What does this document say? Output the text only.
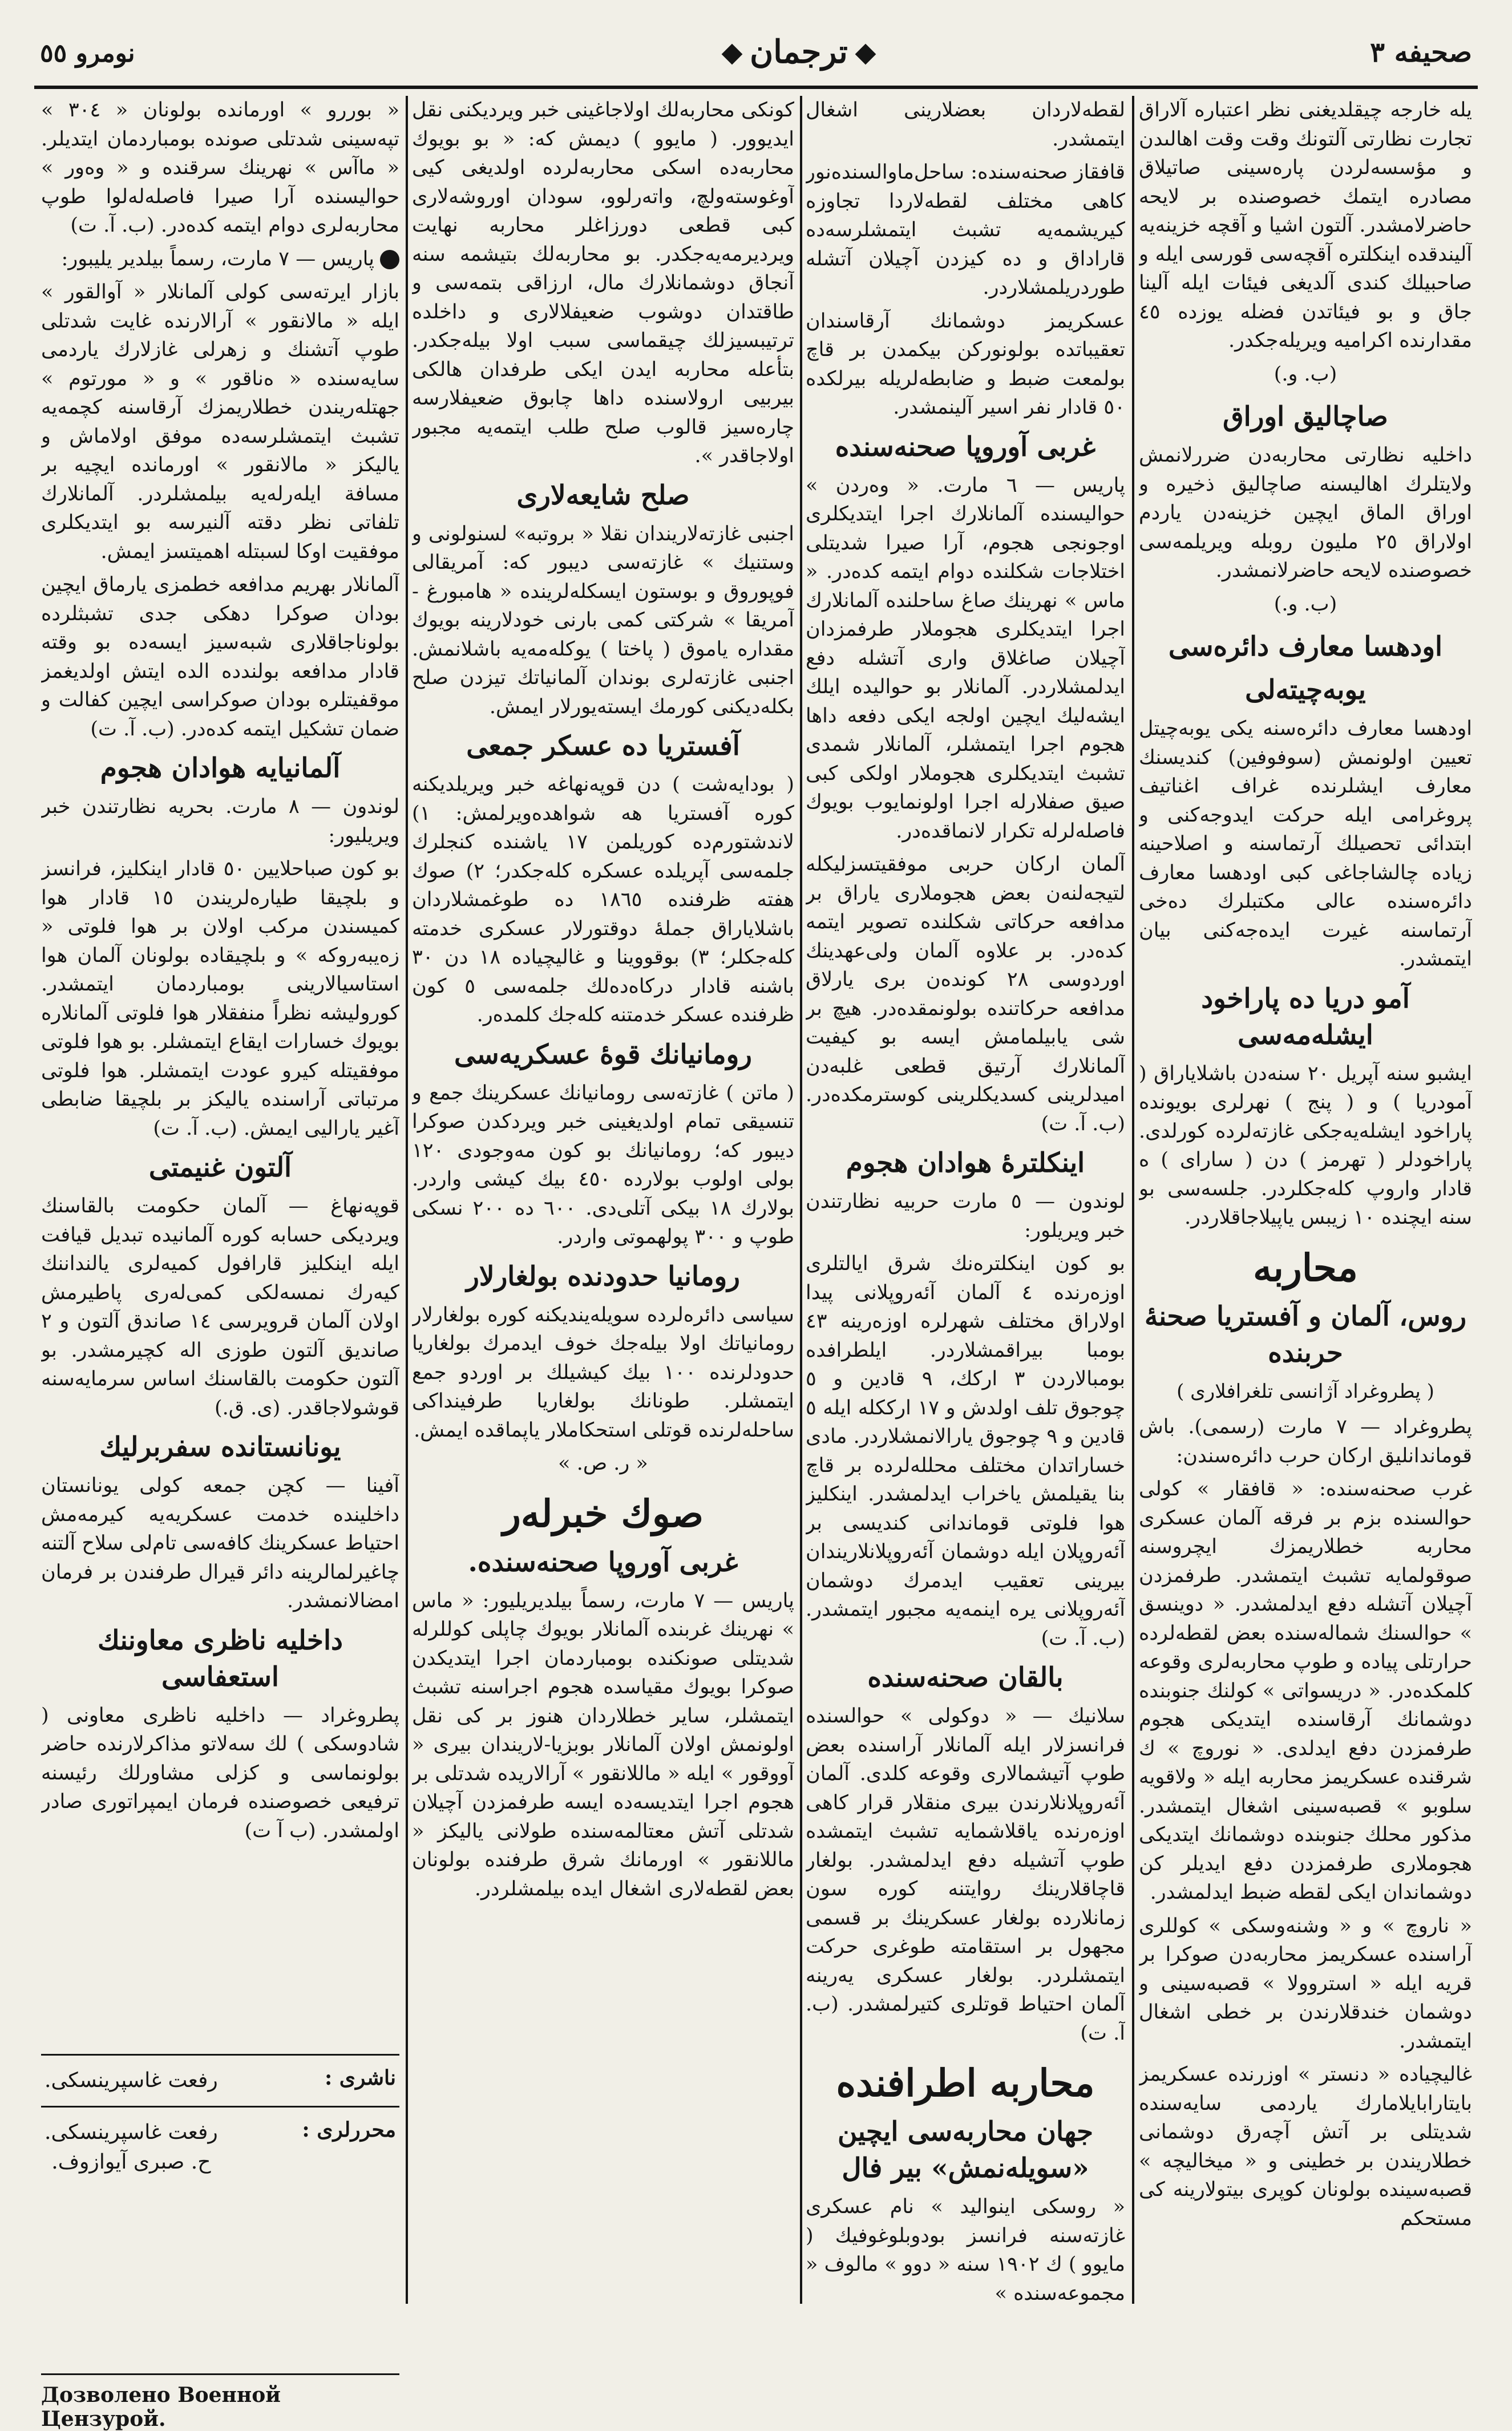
نومرو ٥٥	ترجمان	صحيفه ٣

يله خارجه چيقلديغنى نظر اعتباره آلاراق تجارت نظارتى آلتونك وقت وقت اهالىدن و مؤسسه‌لردن پاره‌سينى صاتيلاق مصادره ايتمك خصوصنده بر لايحه حاضرلامشدر. آلتون اشيا و آقچه خزينه‌يه آليندقده اينكلتره آقچه‌سى قورسى ايله و صاحبيلك كندى آلديغى فيئات ايله آلينا جاق و بو فيئاتدن فضله يوزده ٤٥ مقدارنده اكراميه ويريله‌جكدر.

(ب. و.)
صاچاليق اوراق

داخليه نظارتى محاربه‌دن ضررلانمش ولايتلرك اهاليسنه صاچاليق ذخيره و اوراق الماق ايچين خزينه‌دن ياردم اولاراق ٢٥ مليون روبله ويريلمه‌سى خصوصنده لايحه حاضرلانمشدر.

(ب. و.)
اودهسا معارف دائره‌سى
يوبه‌چيته‌لى

اودهسا معارف دائره‌سنه يكى يوبه‌چيتل تعيين اولونمش (سوفوفين) كنديسنك معارف ايشلرنده غراف اغناتيف پروغرامى ايله حركت ايدوجه‌كنى و ابتدائى تحصيلك آرتماسنه و اصلاحينه زياده چالشاجاغى كبى اودهسا معارف دائره‌سنده عالى مكتبلرك ده‌خى آرتماسنه غيرت ايده‌جه‌كنى بيان ايتمشدر.

آمو دريا ده پاراخود ايشله‌مه‌سى

ايشبو سنه آپريل ٢٠ سنه‌دن باشلاياراق ( آمودريا ) و ( پنج ) نهرلرى بويونده پاراخود ايشله‌يه‌جكى غازته‌لرده كورلدى. پاراخودلر ( تهرمز ) دن ( ساراى ) ه قادار واروپ كله‌جكلردر. جلسه‌سى بو سنه ايچنده ١٠ زيبس ياپيلاجاقلاردر.

محاربه
روس، آلمان و آفستريا صحنهٔ حربنده
( پطروغراد آژانسى تلغرافلارى )

پطروغراد — ٧ مارت (رسمى). باش قوماندانليق اركان حرب دائره‌سندن:

غرب صحنه‌سنده: « قافقار » كولى حوالسنده بزم بر فرقه آلمان عسكرى محاربه خطلاريمزك ايچروسنه صوقولمايه تشبث ايتمشدر. طرفمزدن آچيلان آتشله دفع ايدلمشدر. « دوينسق » حوالسنك شماله‌سنده بعض لقطه‌لرده حرارتلى پياده و طوپ محاربه‌لرى وقوعه كلمكده‌در. « دريسواتى » كولنك جنوبنده دوشمانك آرقاسنده ايتديكى هجوم طرفمزدن دفع ايدلدى. « نوروچ » ك شرقنده عسكريمز محاربه ايله « ولاقويه سلوبو » قصبه‌سينى اشغال ايتمشدر. مذكور محلك جنوبنده دوشمانك ايتديكى هجوملارى طرفمزدن دفع ايديلر كن دوشماندان ايكى لقطه ضبط ايدلمشدر.

« ناروچ » و « وشنه‌وسكى » كوللرى آراسنده عسكريمز محاربه‌دن صوكرا بر قريه ايله « استروولا » قصبه‌سينى و دوشمان خندقلارندن بر خطى اشغال ايتمشدر.

غاليچياده « دنستر » اوزرنده عسكريمز بايتارابايلامارك ياردمى سايه‌سنده شديتلى بر آتش آچه‌رق دوشمانى خطلاريندن بر خطينى و « ميخاليچه » قصبه‌سينده بولونان كوپرى بيتولارينه كى مستحكم

لقطه‌لاردان بعضلارينى اشغال ايتمشدر.

قافقاز صحنه‌سنده: ساحل‌ماوالسنده‌نور كاهى مختلف لقطه‌لاردا تجاوزه كيريشمه‌يه تشبث ايتمشلرسه‌ده قاراداق و ده كيزدن آچيلان آتشله طوردريلمشلاردر.

عسكريمز دوشمانك آرقاسندان تعقيباتده بولونوركن بيكمدن بر قاچ بولمعت ضبط و ضابطه‌لريله بيرلكده ٥٠ قادار نفر اسير آلينمشدر.

غربى آوروپا صحنه‌سنده

پاريس — ٦ مارت. « وه‌ردن » حواليسنده آلمانلارك اجرا ايتديكلرى اوجونجى هجوم، آرا صيرا شديتلى اختلاجات شكلنده دوام ايتمه كده‌در. « ماس » نهرينك صاغ ساحلنده آلمانلارك اجرا ايتديكلرى هجوملار طرفمزدان آچيلان صاغلاق وارى آتشله دفع ايدلمشلاردر. آلمانلار بو حواليده ايلك ايشه‌ليك ايچين اولجه ايكى دفعه داها هجوم اجرا ايتمشلر، آلمانلار شمدى تشبث ايتديكلرى هجوملار اولكى كبى صيق صفلارله اجرا اولونمايوب بويوك فاصله‌لرله تكرار لانماقده‌در.

آلمان اركان حربى موفقيتسزليكله لتيجه‌لنه‌ن بعض هجوملارى ياراق بر مدافعه حركاتى شكلنده تصوير ايتمه كده‌در. بر علاوه آلمان ولى‌عهدينك اوردوسى ٢٨ كونده‌ن برى يارلاق مدافعه حركاتنده بولونمقده‌در. هيچ بر شى يابيلمامش ايسه بو كيفيت آلمانلارك آرتيق قطعى غلبه‌دن اميدلرينى كسديكلرينى كوسترمكده‌در. (ب. آ. ت)

اينكلترهٔ هوادان هجوم

لوندون — ٥ مارت حربيه نظارتندن خبر ويريلور:

بو كون اينكلتره‌نك شرق ايالتلرى اوزه‌رنده ٤ آلمان آئه‌روپلانى پيدا اولاراق مختلف شهرلره اوزه‌رينه ٤٣ بومبا بيرا‌قمشلاردر. ايلطرافده‌ بومبالاردن ٣ اركك، ٩ قادين و ٥ چوجوق تلف اولدش و ١٧ ارككله ايله ٥ قادين و ٩ چوجوق يارالانمشلاردر. مادى خساراتدان مختلف محلله‌لرده بر قاچ بنا يقيلمش ياخراب ايدلمشدر. اينكليز هوا فلوتى قوماندانى كنديسى بر آئه‌روپلان ايله دوشمان آئه‌روپلانلاريندان بيرينى تعقيب ايدمرك دوشمان آئه‌روپلانى يره اينمه‌يه مجبور ايتمشدر. (ب. آ. ت)

بالقان صحنه‌سنده

سلانيك — « دوكولى » حوالسنده فرانسزلار ايله آلمانلار آراسنده بعض طوپ آتيشمالارى وقوعه كلدى. آلمان آئه‌روپلانلارندن بيرى منقلار قرار كاهى اوزه‌رنده ياقلاشمايه تشبث ايتمشده طوپ آتشيله دفع ايدلمشدر. بولغار قاچاقلارينك روايتنه كوره سون زمانلارده بولغار عسكرينك بر قسمى مجهول بر استقامته طوغرى حركت ايتمشلردر. بولغار عسكرى يه‌رينه آلمان احتياط قوتلرى كتيرلمشدر. (ب. آ. ت)

محاربه اطرافنده
جهان محاربه‌سى ايچين «سويله‌نمش» بير فال

« روسكى اينواليد » نام عسكرى غازته‌سنه فرانسز بودوبلوغوفيك ( مايوو ) ك ١٩٠٢ سنه « دوو » مالوف « مجموعه‌سنده »

كونكى محاربه‌لك اولاجاغينى خبر ويرديكنى نقل ايديوور. ( مايوو ) ديمش كه: « بو بويوك محاربه‌ده اسكى محاربه‌لرده اولديغى كيى آوغوسته‌ولچ، واته‌رلوو، سودان اوروشه‌لارى كبى قطعى دورزاغلر محاربه نهايت ويرديرمه‌يه‌جكدر. بو محاربه‌لك بتيشمه سنه آنجاق دوشمانلارك مال، ارزاقى بتمه‌سى و طاقتدان دوشوب ضعيفلالارى و داخلده ترتيبسيزلك چيقماسى سبب اولا بيله‌جكدر. بتأعله محاربه ايدن ايكى طرفدان هالكى بيربيى ارولاسنده داها چابوق ضعيفلارسه چاره‌سيز قالوب صلح طلب ايتمه‌يه مجبور اولاجاقدر ».

صلح شايعه‌لارى

اجنبى غازته‌لاريندان نقلا « بروتبه» لسنولونى و وستنيك » غازته‌سى ديبور كه: آمريقالى فوپوروق و بوستون ايسكله‌لرينده « هامبورغ - آمريقا » شركتى كمى بارنى خودلارينه بويوك مقداره ياموق ( پاختا ) يوكله‌مه‌يه باشلانمش. اجنبى غازته‌لرى بوندان آلمانياتك تيزدن صلح بكله‌ديكنى كورمك ايسته‌يورلار ايمش.

آفستريا ده عسكر جمعى

( بودايه‌شت ) دن قوپه‌نهاغه خبر ويريلديكنه كوره آفستريا هه شواهده‌ويرلمش: ١) لاندشتورم‌ده كوريلمن ١٧ ياشنده كنجلرك جلمه‌سى آپريلده عسكره كله‌جكدر؛ ٢) صوك هفته ظرفنده ١٨٦٥ ده طوغمشلاردان باشلاياراق جملهٔ دوقتورلار عسكرى خدمته كله‌جكلر؛ ٣) بوقووينا و غاليچياده ١٨ دن ٣٠ باشنه قادار دركاه‌ده‌لك جلمه‌سى ٥ كون ظرفنده عسكر خدمتنه كله‌جك كلمده‌ر.

رومانيانك قوهٔ عسكريه‌سى

( ماتن ) غازته‌سى رومانيانك عسكرينك جمع و تنسيقى تمام اولديغينى خبر ويردكدن صوكرا ديبور كه؛ رومانيانك بو كون مه‌وجودى ١٢٠ بولى اولوب بولارده ٤٥٠ بيك كيشى واردر. بولارك ١٨ بيكى آتلى‌دى. ٦٠٠ ده ٢٠٠ نسكى طوپ و ٣٠٠ پولهموتى واردر.

رومانيا حدودنده بولغارلار

سياسى دائره‌لرده سويله‌ينديكنه كوره بولغارلار رومانياتك اولا بيله‌جك خوف ايدمرك بولغاريا حدودلرنده ١٠٠ بيك كيشيلك بر اوردو جمع ايتمشلر. طونانك بولغاريا طرفينداكى ساحله‌لرنده قوتلى استحكاملار ياپماقده ايمش.

« ر. ص. »
صوك خبرله‌ر
غربى آوروپا صحنه‌سنده.

پاريس — ٧ مارت، رسماً بيلديريليور: « ماس » نهرينك غربنده آلمانلار بويوك چاپلى كوللرله شديتلى صونكنده بومباردمان اجرا ايتديكدن صوكرا بويوك مقياسده هجوم اجراسنه تشبث ايتمشلر، ساير خطلاردان هنوز بر كى نقل اولونمش اولان آلمانلار بوبزيا-لاريندان بيرى « آووقور » ايله « ماللانقور » آرالاريده شدتلى بر هجوم اجرا ايتديسه‌ده ايسه طرفمزدن آچيلان شدتلى آتش معتالمه‌سنده طولانى ياليكز « ماللانقور » اورمانك شرق طرفنده بولونان بعض لقطه‌لارى اشغال ايده بيلمشلردر.

« بوررو » اورمانده بولونان « ٣٠٤ » تپه‌سينى شدتلى صونده بومباردمان ايتديلر. « ماآس » نهرينك سرقنده و « وه‌ور » حواليسنده آرا صيرا فاصله‌له‌لوا طوپ محاربه‌لرى دوام ايتمه كده‌در. (ب. آ. ت)

پاريس — ٧ مارت، رسماً بيلدير يليبور:

بازار ايرته‌سى كولى آلمانلار « آوالقور » ايله « مالانقور » آرالارنده غايت شدتلى طوپ آتشنك و زهرلى غازلارك ياردمى سايه‌سنده « ه‌ناقور » و « مورتوم » جهتله‌ريندن خطلاريمزك آرقاسنه كچمه‌يه تشبث ايتمشلرسه‌ده موفق اولاماش و ياليكز « مالانقور » اورمانده ايچيه بر مسافة ايله‌رله‌يه بيلمشلردر. آلمانلارك تلفاتى نظر دقته آلنيرسه بو ايتديكلرى موفقيت اوكا لسبتله اهميتسز ايمش.

آلمانلار بهريم مدافعه خطمزى يارماق ايچين بودان صوكرا دهكى جدى تشبثلرده بولوناجاقلارى شبه‌سيز ايسه‌ده بو وقته قادار مدافعه بولندده الده ايتش اولديغمز موقفيتلره بودان صوكراسى ايچين كفالت و ضمان تشكيل ايتمه كده‌در. (ب. آ. ت)

آلمانيايه هوادان هجوم

لوندون — ٨ مارت. بحريه نظارتندن خبر ويريليور:

بو كون صباحلايين ٥٠ قادار اينكليز، فرانسز و بلچيقا طياره‌لريندن ١٥ قادار هوا كميسندن مركب اولان بر هوا فلوتى « زه‌يبه‌روكه » و بلچيقاده بولونان آلمان هوا استاسيالارينى بومباردمان ايتمشدر. كوروليشه نظراً منفقلار هوا فلوتى آلمانلاره بويوك خسارات ايقاع ايتمشلر. بو هوا فلوتى موفقيتله كيرو عودت ايتمشلر. هوا فلوتى مرتباتى آراسنده ياليكز بر بلچيقا ضابطى آغير ياراليى ايمش. (ب. آ. ت)

آلتون غنيمتى

قوپه‌نهاغ — آلمان حكومت بالقاسنك ويرديكى حسابه كوره آلمانيده تبديل قيافت ايله اينكليز قارافول كميه‌لرى يالنداننك كيه‌رك نمسه‌لكى كمى‌له‌رى پاطيرمش اولان آلمان قرويرسى ١٤ صاندق آلتون و ٢ صانديق آلتون طوزى اله كچيرمشدر. بو آلتون حكومت بالقاسنك اساس سرمايه‌سنه قوشولاجاقدر. (ى. ق.)

يونانستانده سفربرليك

آفينا — كچن جمعه كولى يونانستان داخلينده خدمت عسكريه‌يه كيرمه‌مش احتياط عسكرينك كافه‌سى تام‌لى سلاح آلتنه چاغيرلمالرينه دائر قيرال طرفندن بر فرمان امضالانمشدر.

داخليه ناظرى معاوننك استعفاسى

پطروغراد — داخليه ناظرى معاونى ( شادوسكى ) لك سه‌لاتو مذاكرلارنده حاضر بولونماسى و كزلى مشاورلك رئيسنه ترفيعى خصوصنده فرمان ايمپراتورى صادر اولمشدر. (ب آ ت)

ناشرى :
رفعت غاسپرينسكى.
محررلرى :
رفعت غاسپرينسكى.
ح. صبرى آيوازوف.
Дозволено Военной Цензурой.
